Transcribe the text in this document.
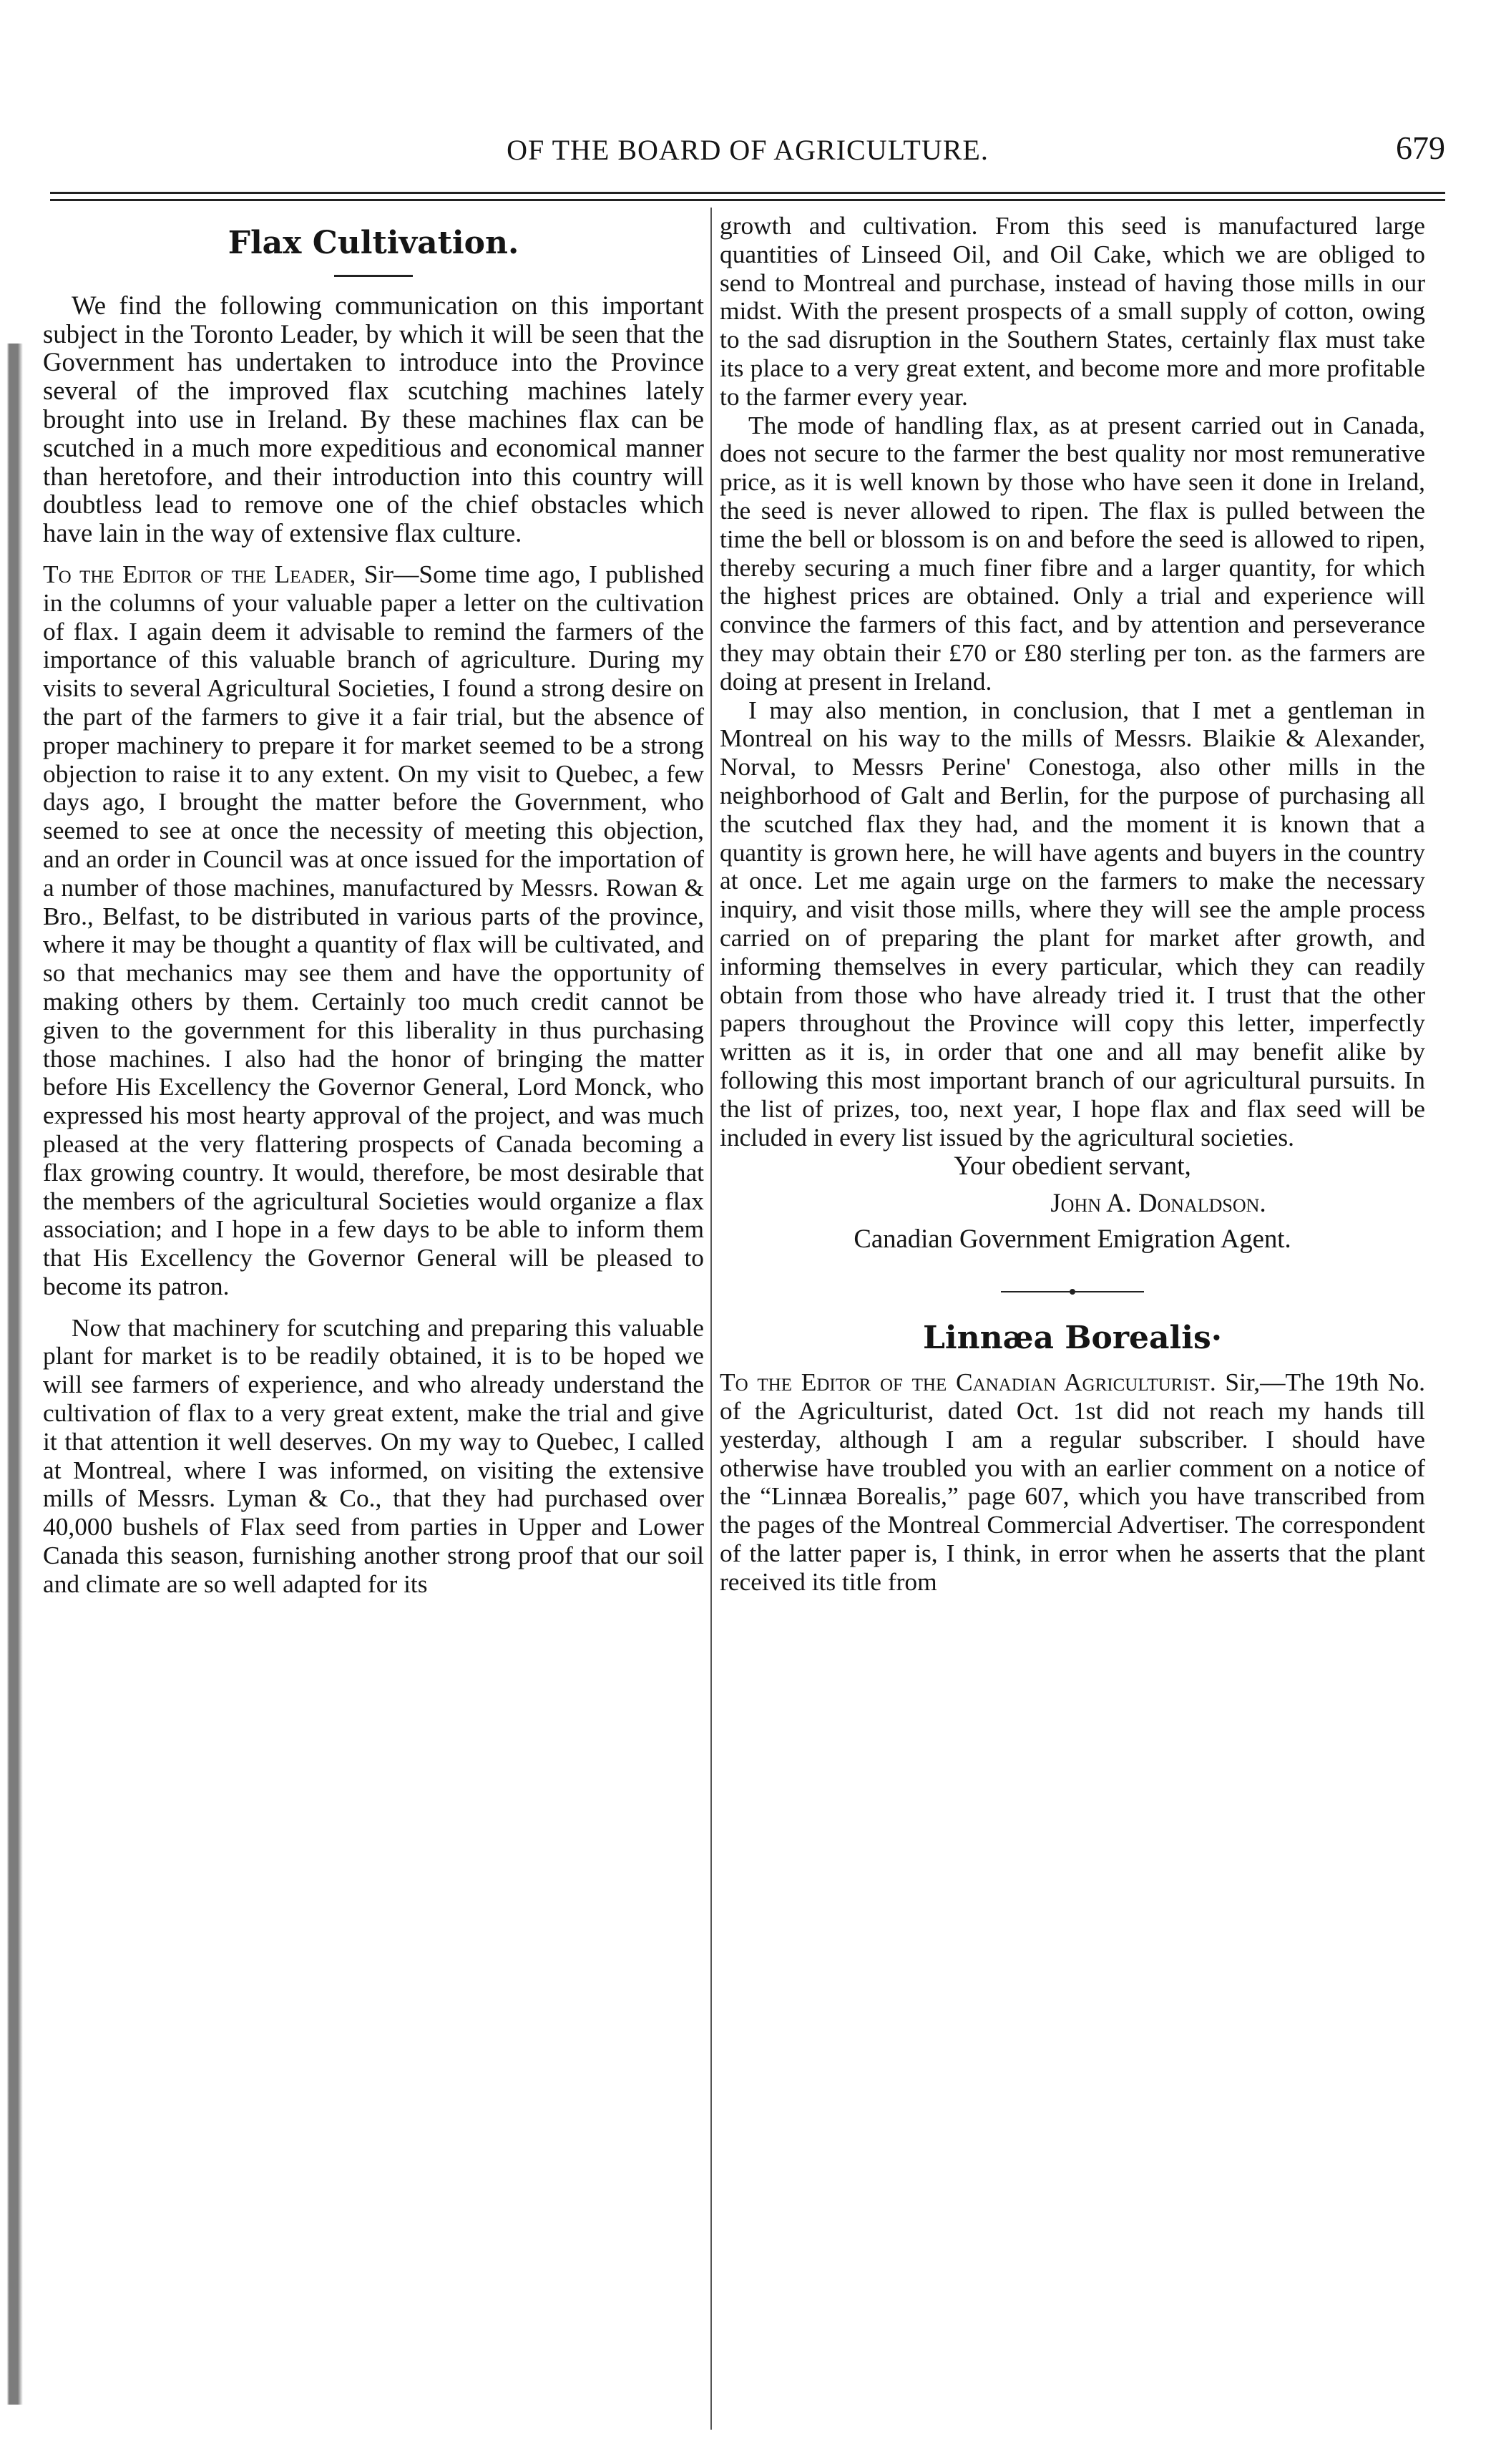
OF THE BOARD OF AGRICULTURE.	679
Flax Cultivation.

We find the following communication on this important subject in the Toronto Leader, by which it will be seen that the Government has undertaken to introduce into the Province several of the improved flax scutching machines lately brought into use in Ireland. By these machines flax can be scutched in a much more expeditious and economical manner than heretofore, and their introduction into this country will doubtless lead to remove one of the chief obstacles which have lain in the way of extensive flax culture.

To the Editor of the Leader, Sir—Some time ago, I published in the columns of your valuable paper a letter on the cultivation of flax. I again deem it advisable to remind the farmers of the importance of this valuable branch of agriculture. During my visits to several Agricultural Societies, I found a strong desire on the part of the farmers to give it a fair trial, but the absence of proper machinery to prepare it for market seemed to be a strong objection to raise it to any extent. On my visit to Quebec, a few days ago, I brought the matter before the Government, who seemed to see at once the necessity of meeting this objection, and an order in Council was at once issued for the importation of a number of those machines, manufactured by Messrs. Rowan & Bro., Belfast, to be distributed in various parts of the province, where it may be thought a quantity of flax will be cultivated, and so that mechanics may see them and have the opportunity of making others by them. Certainly too much credit cannot be given to the government for this liberality in thus purchasing those machines. I also had the honor of bringing the matter before His Excellency the Governor General, Lord Monck, who expressed his most hearty approval of the project, and was much pleased at the very flattering prospects of Canada becoming a flax growing country. It would, therefore, be most desirable that the members of the agricultural Societies would organize a flax association; and I hope in a few days to be able to inform them that His Excellency the Governor General will be pleased to become its patron.

Now that machinery for scutching and preparing this valuable plant for market is to be readily obtained, it is to be hoped we will see farmers of experience, and who already understand the cultivation of flax to a very great extent, make the trial and give it that attention it well deserves. On my way to Quebec, I called at Montreal, where I was informed, on visiting the extensive mills of Messrs. Lyman & Co., that they had purchased over 40,000 bushels of Flax seed from parties in Upper and Lower Canada this season, furnishing another strong proof that our soil and climate are so well adapted for its

growth and cultivation. From this seed is manufactured large quantities of Linseed Oil, and Oil Cake, which we are obliged to send to Montreal and purchase, instead of having those mills in our midst. With the present prospects of a small supply of cotton, owing to the sad disruption in the Southern States, certainly flax must take its place to a very great extent, and become more and more profitable to the farmer every year.

The mode of handling flax, as at present carried out in Canada, does not secure to the farmer the best quality nor most remunerative price, as it is well known by those who have seen it done in Ireland, the seed is never allowed to ripen. The flax is pulled between the time the bell or blossom is on and before the seed is allowed to ripen, thereby securing a much finer fibre and a larger quantity, for which the highest prices are obtained. Only a trial and experience will convince the farmers of this fact, and by attention and perseverance they may obtain their £70 or £80 sterling per ton. as the farmers are doing at present in Ireland.

I may also mention, in conclusion, that I met a gentleman in Montreal on his way to the mills of Messrs. Blaikie & Alexander, Norval, to Messrs Perine' Conestoga, also other mills in the neighborhood of Galt and Berlin, for the purpose of purchasing all the scutched flax they had, and the moment it is known that a quantity is grown here, he will have agents and buyers in the country at once. Let me again urge on the farmers to make the necessary inquiry, and visit those mills, where they will see the ample process carried on of preparing the plant for market after growth, and informing themselves in every particular, which they can readily obtain from those who have already tried it. I trust that the other papers throughout the Province will copy this letter, imperfectly written as it is, in order that one and all may benefit alike by following this most important branch of our agricultural pursuits. In the list of prizes, too, next year, I hope flax and flax seed will be included in every list issued by the agricultural societies.

Your obedient servant,

John A. Donaldson.

Canadian Government Emigration Agent.

Linnæa Borealis·

To the Editor of the Canadian Agriculturist. Sir,—The 19th No. of the Agriculturist, dated Oct. 1st did not reach my hands till yesterday, although I am a regular subscriber. I should have otherwise have troubled you with an earlier comment on a notice of the “Linnæa Borealis,” page 607, which you have transcribed from the pages of the Montreal Commercial Advertiser. The correspondent of the latter paper is, I think, in error when he asserts that the plant received its title from
